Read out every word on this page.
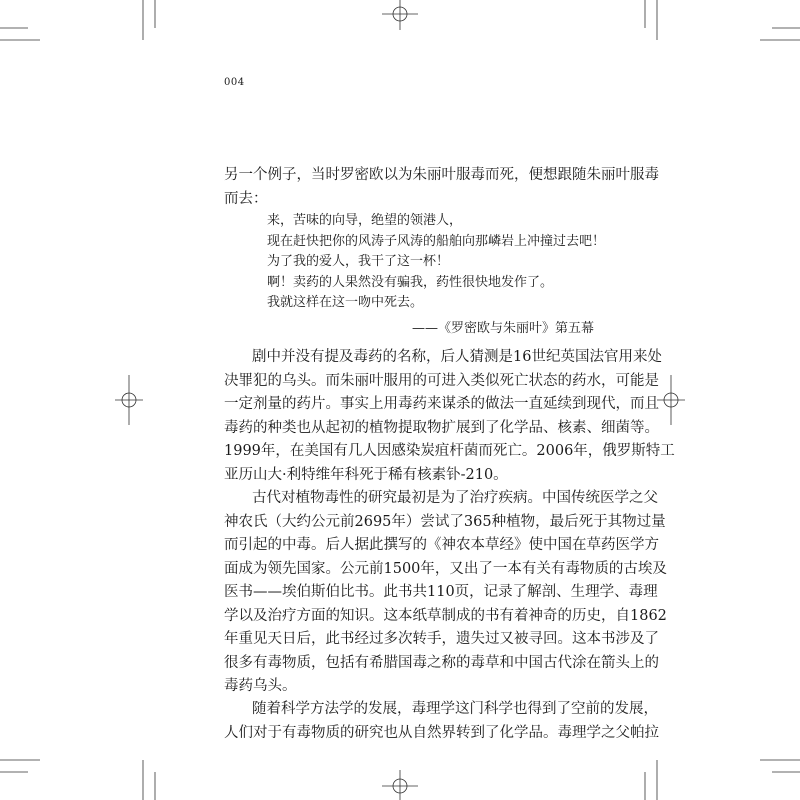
004
另一个例子，当时罗密欧以为朱丽叶服毒而死，便想跟随朱丽叶服毒
而去：
来，苦味的向导，绝望的领港人，
现在赶快把你的风涛子风涛的船舶向那嶙岩上冲撞过去吧！
为了我的爱人，我干了这一杯！
啊！卖药的人果然没有骗我，药性很快地发作了。
我就这样在这一吻中死去。
——《罗密欧与朱丽叶》第五幕
剧中并没有提及毒药的名称，后人猜测是16世纪英国法官用来处
决罪犯的乌头。而朱丽叶服用的可进入类似死亡状态的药水，可能是
一定剂量的药片。事实上用毒药来谋杀的做法一直延续到现代，而且
毒药的种类也从起初的植物提取物扩展到了化学品、核素、细菌等。
1999年，在美国有几人因感染炭疽杆菌而死亡。2006年，俄罗斯特工
亚历山大·利特维年科死于稀有核素钋-210。
古代对植物毒性的研究最初是为了治疗疾病。中国传统医学之父
神农氏（大约公元前2695年）尝试了365种植物，最后死于其物过量
而引起的中毒。后人据此撰写的《神农本草经》使中国在草药医学方
面成为领先国家。公元前1500年，又出了一本有关有毒物质的古埃及
医书——埃伯斯伯比书。此书共110页，记录了解剖、生理学、毒理
学以及治疗方面的知识。这本纸草制成的书有着神奇的历史，自1862
年重见天日后，此书经过多次转手，遗失过又被寻回。这本书涉及了
很多有毒物质，包括有希腊国毒之称的毒草和中国古代涂在箭头上的
毒药乌头。
随着科学方法学的发展，毒理学这门科学也得到了空前的发展，
人们对于有毒物质的研究也从自然界转到了化学品。毒理学之父帕拉
